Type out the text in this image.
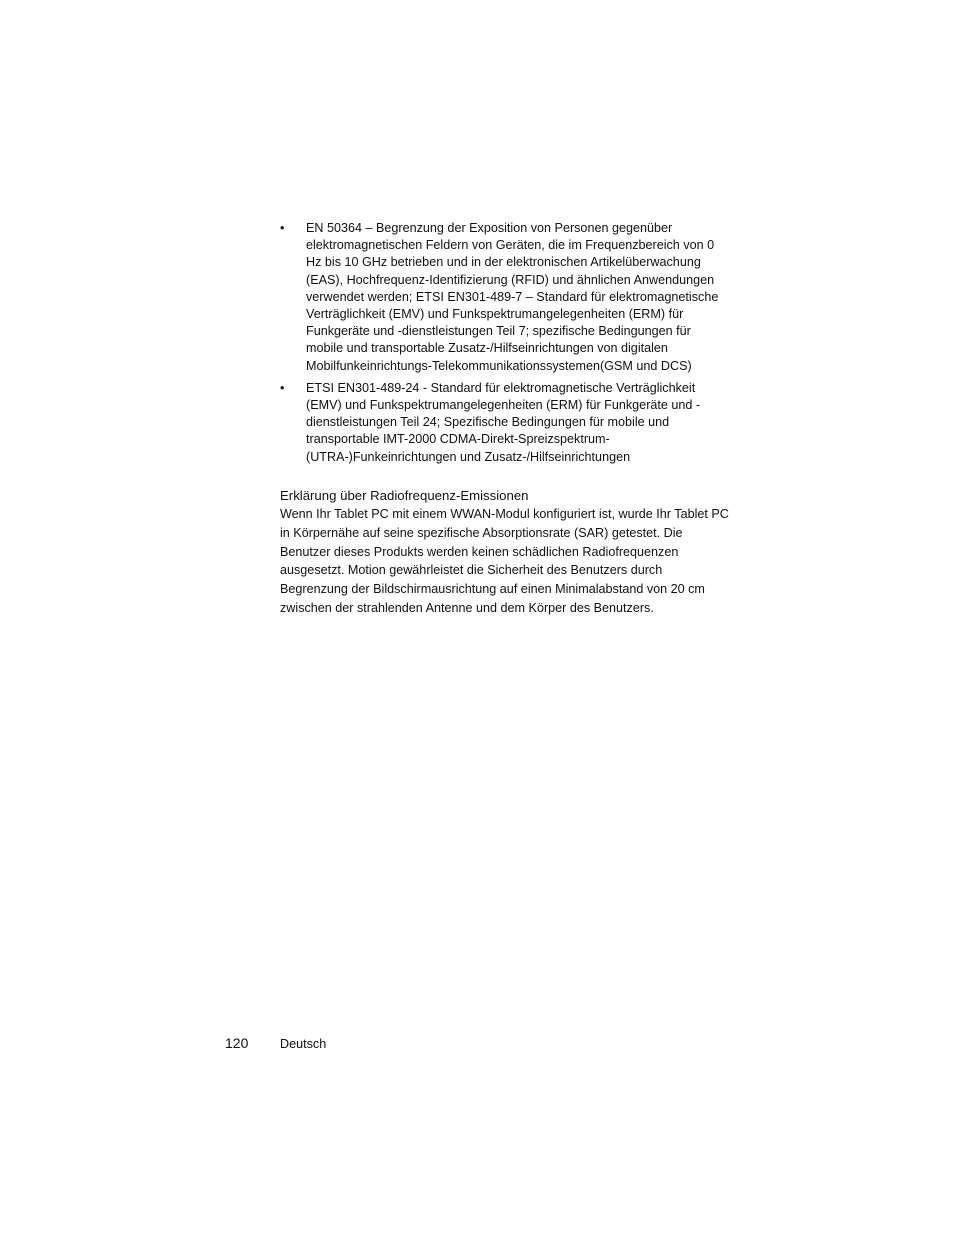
• EN 50364 – Begrenzung der Exposition von Personen gegenüber elektromagnetischen Feldern von Geräten, die im Frequenzbereich von 0 Hz bis 10 GHz betrieben und in der elektronischen Artikelüberwachung (EAS), Hochfrequenz-Identifizierung (RFID) und ähnlichen Anwendungen verwendet werden; ETSI EN301-489-7 – Standard für elektromagnetische Verträglichkeit (EMV) und Funkspektrumangelegenheiten (ERM) für Funkgeräte und -dienstleistungen Teil 7; spezifische Bedingungen für mobile und transportable Zusatz-/Hilfseinrichtungen von digitalen Mobilfunkeinrichtungs-Telekommunikationssystemen(GSM und DCS)
• ETSI EN301-489-24 - Standard für elektromagnetische Verträglichkeit (EMV) und Funkspektrumangelegenheiten (ERM) für Funkgeräte und -dienstleistungen Teil 24; Spezifische Bedingungen für mobile und transportable IMT-2000 CDMA-Direkt-Spreizspektrum-(UTRA-)Funkeinrichtungen und Zusatz-/Hilfseinrichtungen
Erklärung über Radiofrequenz-Emissionen

Wenn Ihr Tablet PC mit einem WWAN-Modul konfiguriert ist, wurde Ihr Tablet PC in Körpernähe auf seine spezifische Absorptionsrate (SAR) getestet. Die Benutzer dieses Produkts werden keinen schädlichen Radiofrequenzen ausgesetzt. Motion gewährleistet die Sicherheit des Benutzers durch Begrenzung der Bildschirmausrichtung auf einen Minimalabstand von 20 cm zwischen der strahlenden Antenne und dem Körper des Benutzers.

120	Deutsch
